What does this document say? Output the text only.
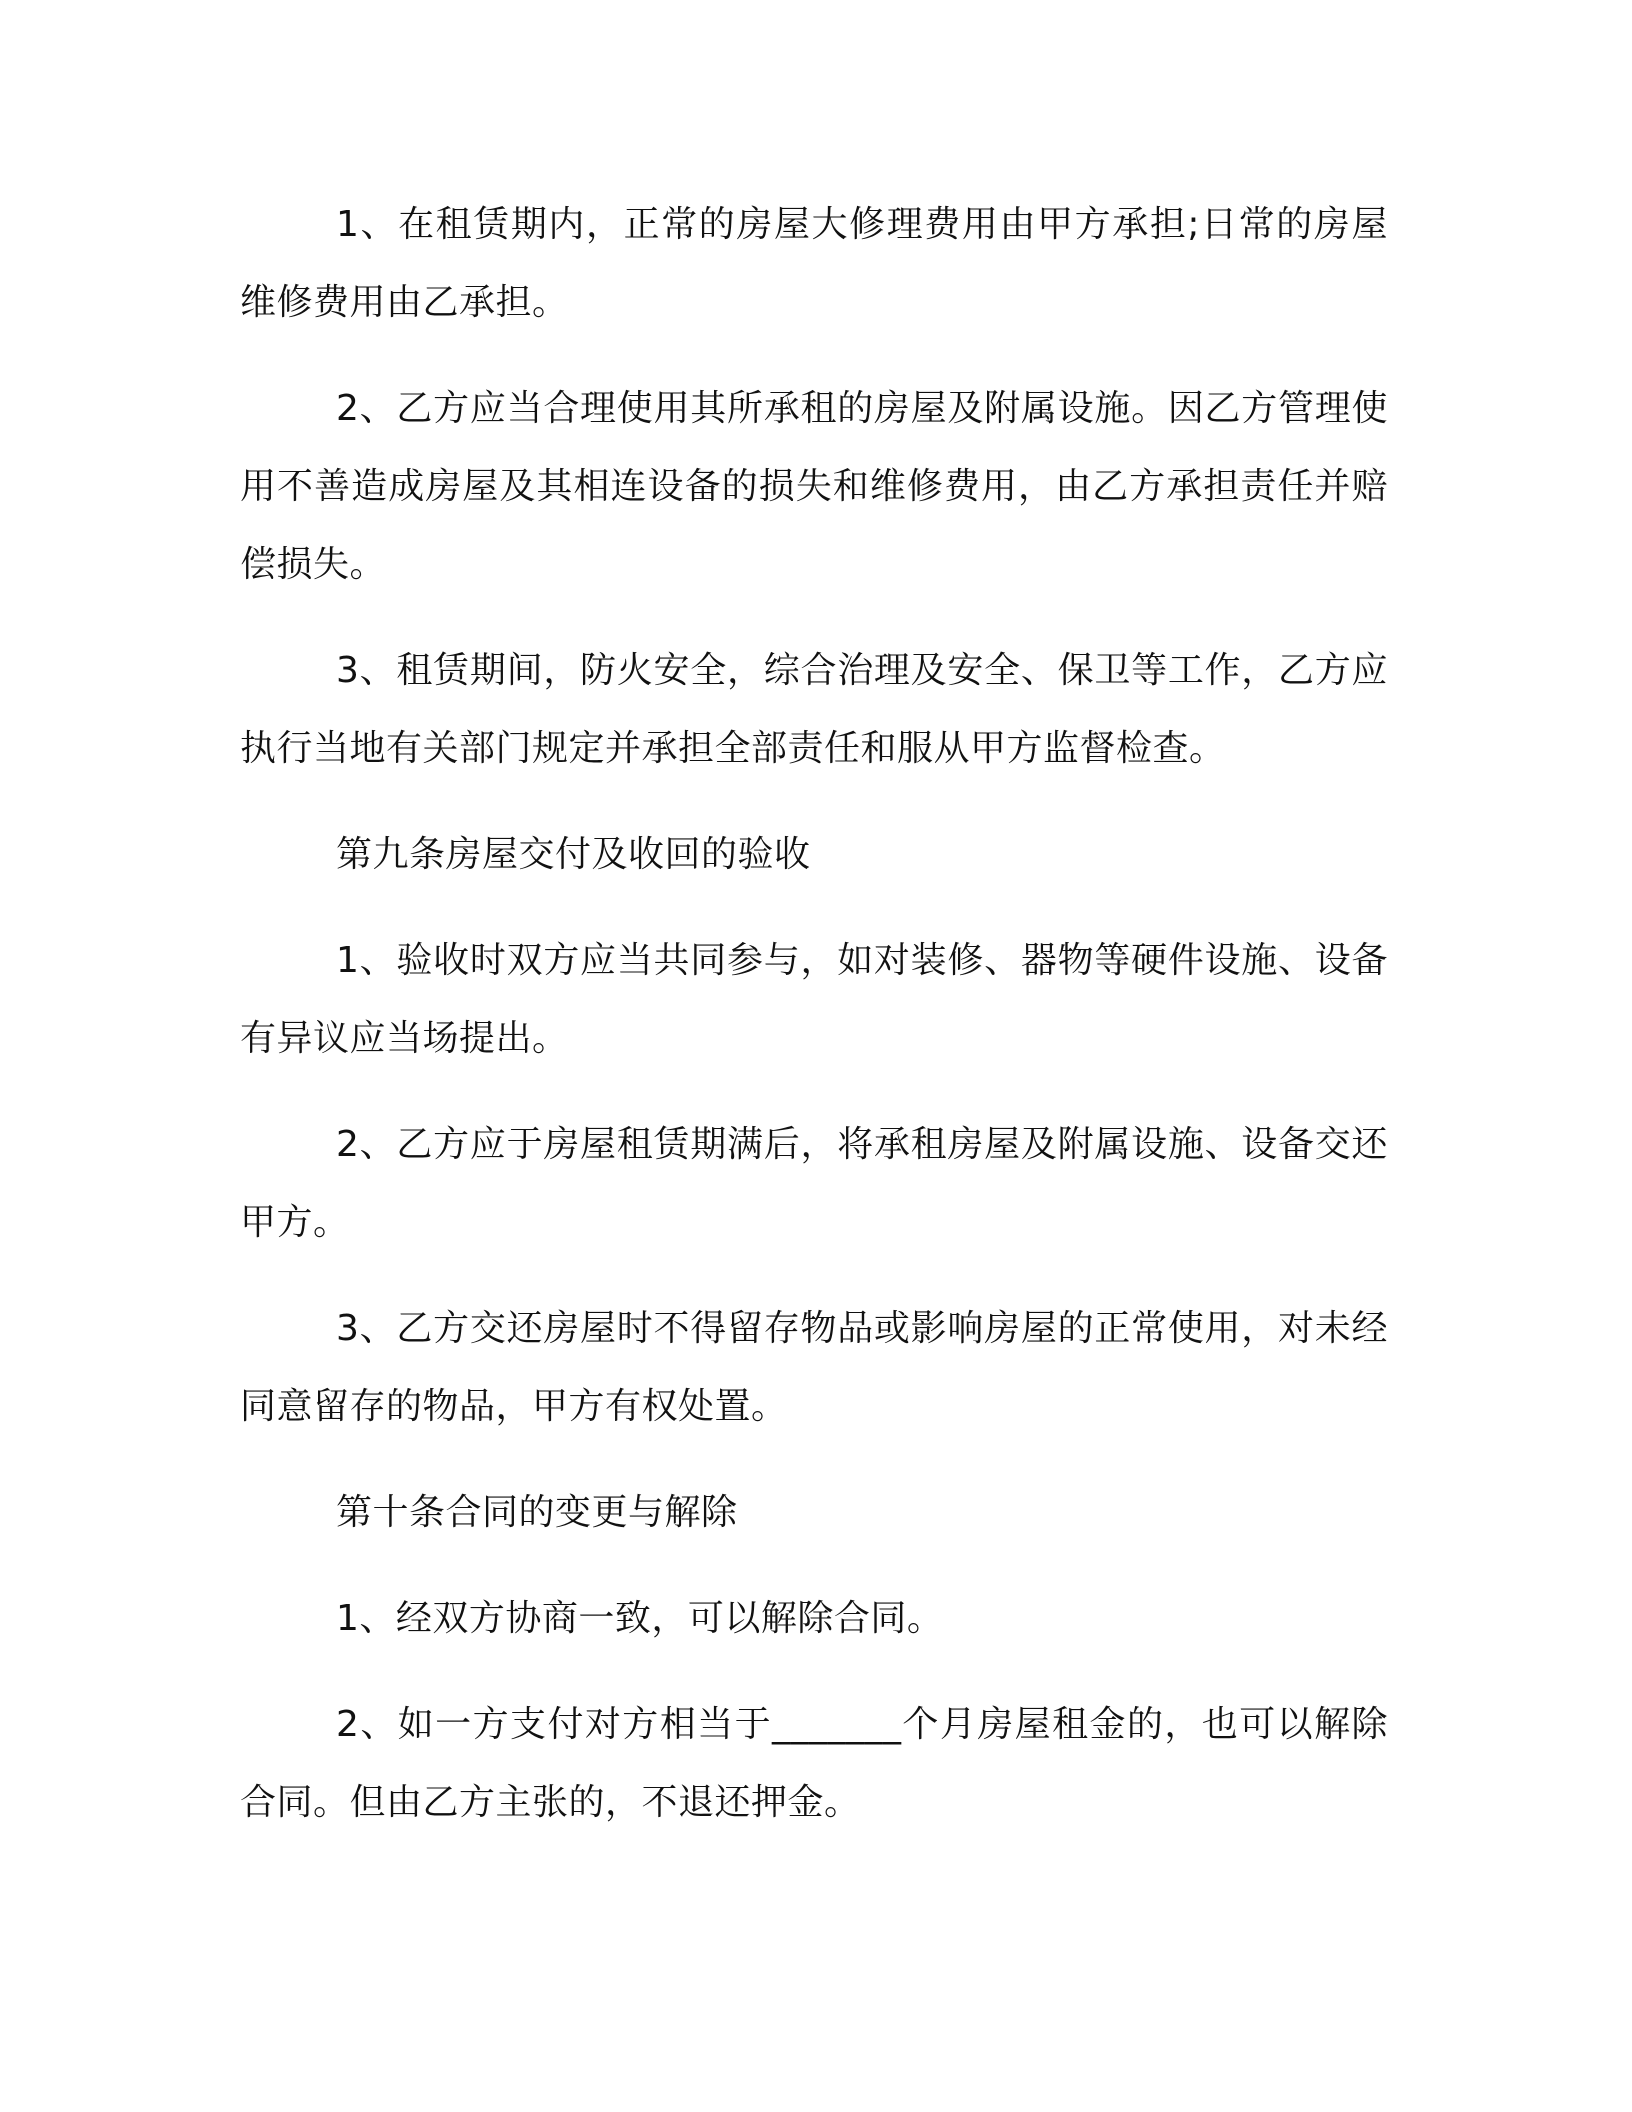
1、在租赁期内，正常的房屋大修理费用由甲方承担;日常的房屋维修费用由乙承担。

2、乙方应当合理使用其所承租的房屋及附属设施。因乙方管理使用不善造成房屋及其相连设备的损失和维修费用，由乙方承担责任并赔偿损失。

3、租赁期间，防火安全，综合治理及安全、保卫等工作，乙方应执行当地有关部门规定并承担全部责任和服从甲方监督检查。

第九条房屋交付及收回的验收

1、验收时双方应当共同参与，如对装修、器物等硬件设施、设备有异议应当场提出。

2、乙方应于房屋租赁期满后，将承租房屋及附属设施、设备交还甲方。

3、乙方交还房屋时不得留存物品或影响房屋的正常使用，对未经同意留存的物品，甲方有权处置。

第十条合同的变更与解除

1、经双方协商一致，可以解除合同。

2、如一方支付对方相当于_______个月房屋租金的，也可以解除合同。但由乙方主张的，不退还押金。
